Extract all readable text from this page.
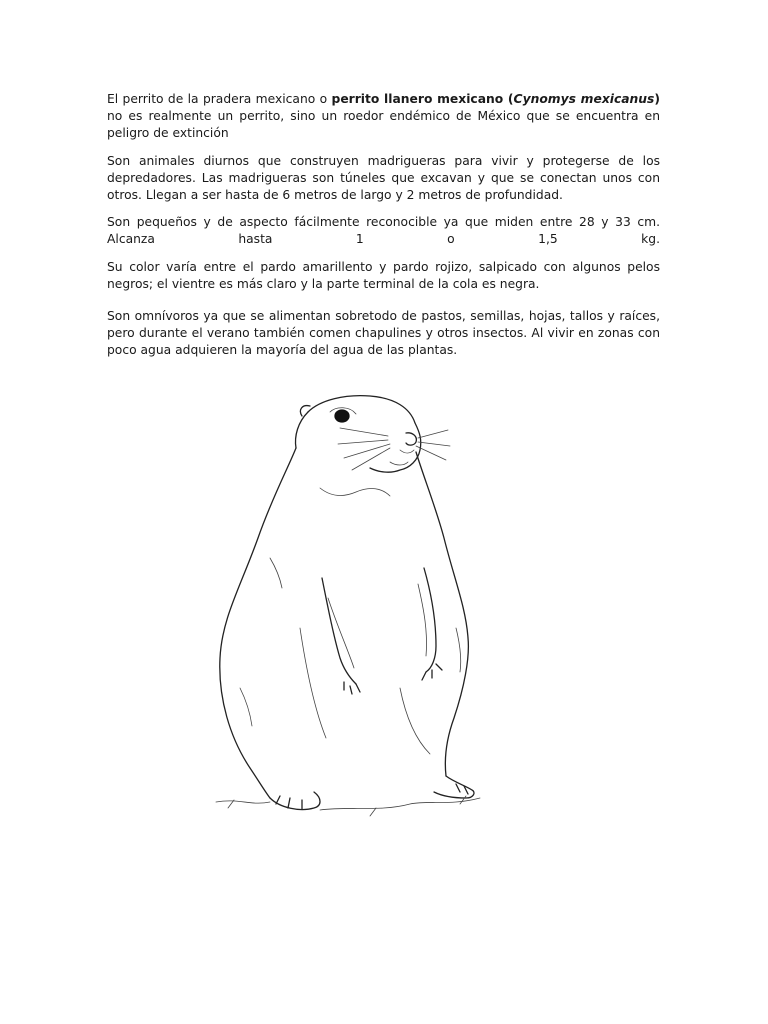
El perrito de la pradera mexicano o perrito llanero mexicano (Cynomys mexicanus) no es realmente un perrito, sino un roedor endémico de México que se encuentra en peligro de extinción

Son animales diurnos que construyen madrigueras para vivir y protegerse de los depredadores. Las madrigueras son túneles que excavan y que se conectan unos con otros. Llegan a ser hasta de 6 metros de largo y 2 metros de profundidad.

Son pequeños y de aspecto fácilmente reconocible ya que miden entre 28 y 33 cm.
Alcanza hasta 1 o 1,5 kg.

Su color varía entre el pardo amarillento y pardo rojizo, salpicado con algunos pelos negros; el vientre es más claro y la parte terminal de la cola es negra.

Son omnívoros ya que se alimentan sobretodo de pastos, semillas, hojas, tallos y raíces, pero durante el verano también comen chapulines y otros insectos. Al vivir en zonas con poco agua adquieren la mayoría del agua de las plantas.
